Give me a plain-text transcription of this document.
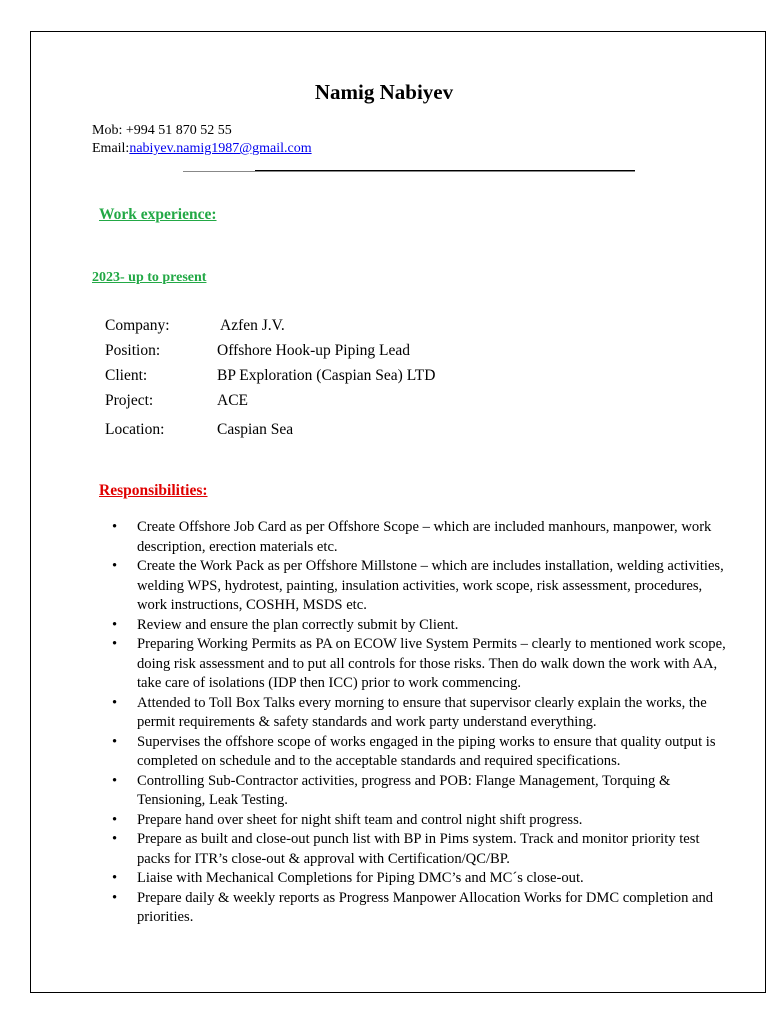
Namig Nabiyev
Mob: +994 51 870 52 55
Email:nabiyev.namig1987@gmail.com
Work experience:
2023- up to present
Company:	Azfen J.V.
Position:	Offshore Hook-up Piping Lead
Client:	BP Exploration (Caspian Sea) LTD
Project:	ACE
Location:	Caspian Sea
Responsibilities:
• Create Offshore Job Card as per Offshore Scope – which are included manhours, manpower, work description, erection materials etc.
• Create the Work Pack as per Offshore Millstone – which are includes installation, welding activities, welding WPS, hydrotest, painting, insulation activities, work scope, risk assessment, procedures, work instructions, COSHH, MSDS etc.
• Review and ensure the plan correctly submit by Client.
• Preparing Working Permits as PA on ECOW live System Permits – clearly to mentioned work scope, doing risk assessment and to put all controls for those risks. Then do walk down the work with AA, take care of isolations (IDP then ICC) prior to work commencing.
• Attended to Toll Box Talks every morning to ensure that supervisor clearly explain the works, the permit requirements & safety standards and work party understand everything.
• Supervises the offshore scope of works engaged in the piping works to ensure that quality output is completed on schedule and to the acceptable standards and required specifications.
• Controlling Sub-Contractor activities, progress and POB: Flange Management, Torquing & Tensioning, Leak Testing.
• Prepare hand over sheet for night shift team and control night shift progress.
• Prepare as built and close-out punch list with BP in Pims system. Track and monitor priority test packs for ITR’s close-out & approval with Certification/QC/BP.
• Liaise with Mechanical Completions for Piping DMC’s and MC´s close-out.
• Prepare daily & weekly reports as Progress Manpower Allocation Works for DMC completion and priorities.
